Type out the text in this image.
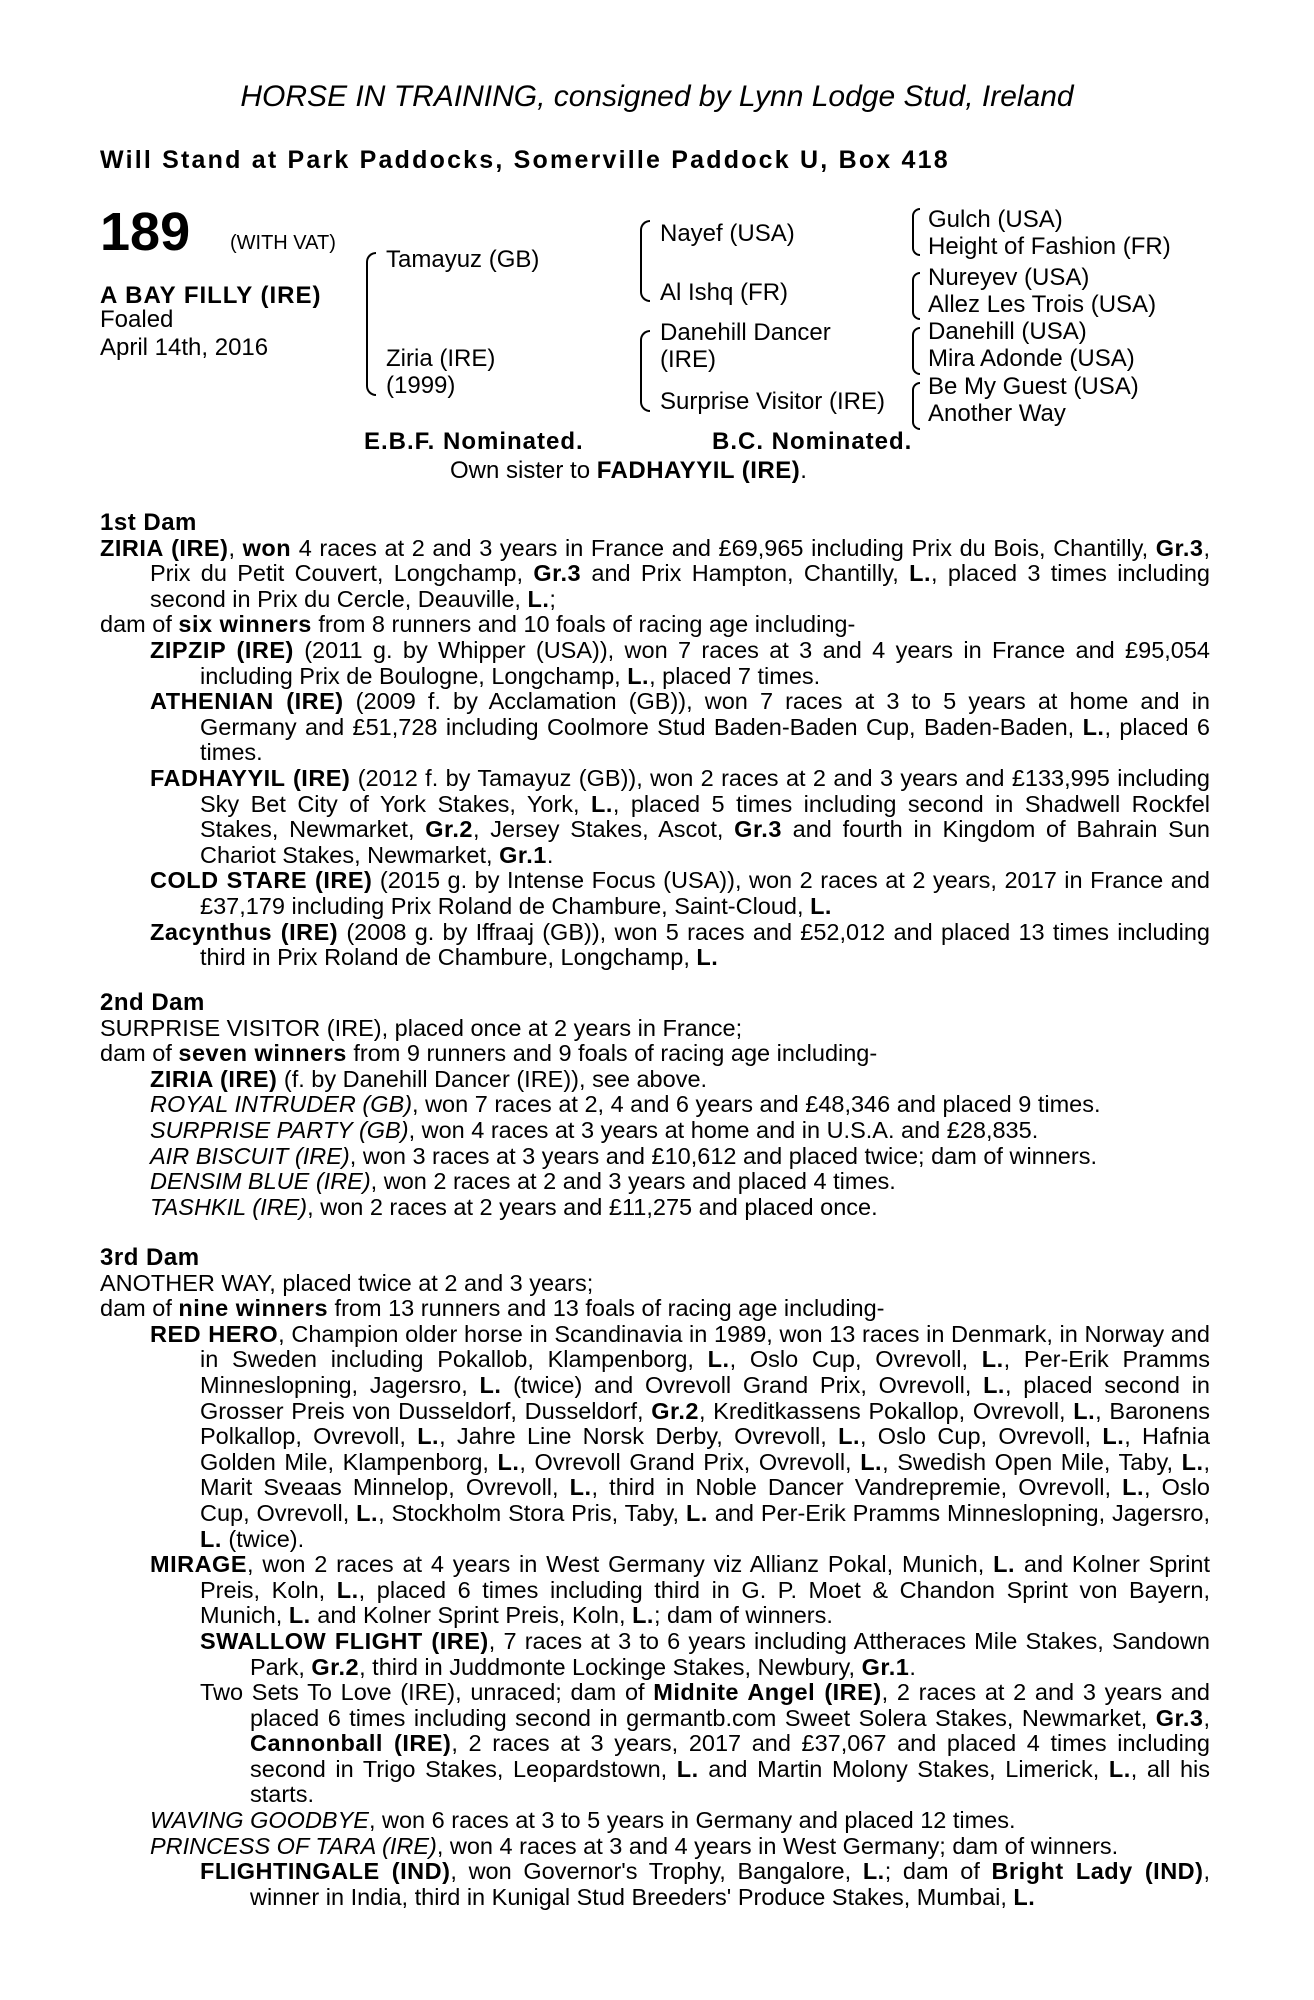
HORSE IN TRAINING, consigned by Lynn Lodge Stud, Ireland
Will Stand at Park Paddocks, Somerville Paddock U, Box 418
189 (WITH VAT)
A BAY FILLY (IRE)
Foaled
April 14th, 2016
Tamayuz (GB)
Ziria (IRE)
(1999)
Nayef (USA)
Al Ishq (FR)
Danehill Dancer
(IRE)
Surprise Visitor (IRE)
Gulch (USA)
Height of Fashion (FR)
Nureyev (USA)
Allez Les Trois (USA)
Danehill (USA)
Mira Adonde (USA)
Be My Guest (USA)
Another Way
E.B.F. Nominated.	B.C. Nominated.
Own sister to FADHAYYIL (IRE).
1st Dam

ZIRIA (IRE), won 4 races at 2 and 3 years in France and £69,965 including Prix du Bois, Chantilly, Gr.3, Prix du Petit Couvert, Longchamp, Gr.3 and Prix Hampton, Chantilly, L., placed 3 times including second in Prix du Cercle, Deauville, L.;

dam of six winners from 8 runners and 10 foals of racing age including-

ZIPZIP (IRE) (2011 g. by Whipper (USA)), won 7 races at 3 and 4 years in France and £95,054 including Prix de Boulogne, Longchamp, L., placed 7 times.

ATHENIAN (IRE) (2009 f. by Acclamation (GB)), won 7 races at 3 to 5 years at home and in Germany and £51,728 including Coolmore Stud Baden-Baden Cup, Baden-Baden, L., placed 6 times.

FADHAYYIL (IRE) (2012 f. by Tamayuz (GB)), won 2 races at 2 and 3 years and £133,995 including Sky Bet City of York Stakes, York, L., placed 5 times including second in Shadwell Rockfel Stakes, Newmarket, Gr.2, Jersey Stakes, Ascot, Gr.3 and fourth in Kingdom of Bahrain Sun Chariot Stakes, Newmarket, Gr.1.

COLD STARE (IRE) (2015 g. by Intense Focus (USA)), won 2 races at 2 years, 2017 in France and £37,179 including Prix Roland de Chambure, Saint-Cloud, L.

Zacynthus (IRE) (2008 g. by Iffraaj (GB)), won 5 races and £52,012 and placed 13 times including third in Prix Roland de Chambure, Longchamp, L.

2nd Dam

SURPRISE VISITOR (IRE), placed once at 2 years in France;

dam of seven winners from 9 runners and 9 foals of racing age including-

ZIRIA (IRE) (f. by Danehill Dancer (IRE)), see above.

ROYAL INTRUDER (GB), won 7 races at 2, 4 and 6 years and £48,346 and placed 9 times.

SURPRISE PARTY (GB), won 4 races at 3 years at home and in U.S.A. and £28,835.

AIR BISCUIT (IRE), won 3 races at 3 years and £10,612 and placed twice; dam of winners.

DENSIM BLUE (IRE), won 2 races at 2 and 3 years and placed 4 times.

TASHKIL (IRE), won 2 races at 2 years and £11,275 and placed once.

3rd Dam

ANOTHER WAY, placed twice at 2 and 3 years;

dam of nine winners from 13 runners and 13 foals of racing age including-

RED HERO, Champion older horse in Scandinavia in 1989, won 13 races in Denmark, in Norway and in Sweden including Pokallob, Klampenborg, L., Oslo Cup, Ovrevoll, L., Per-Erik Pramms Minneslopning, Jagersro, L. (twice) and Ovrevoll Grand Prix, Ovrevoll, L., placed second in Grosser Preis von Dusseldorf, Dusseldorf, Gr.2, Kreditkassens Pokallop, Ovrevoll, L., Baronens Polkallop, Ovrevoll, L., Jahre Line Norsk Derby, Ovrevoll, L., Oslo Cup, Ovrevoll, L., Hafnia Golden Mile, Klampenborg, L., Ovrevoll Grand Prix, Ovrevoll, L., Swedish Open Mile, Taby, L., Marit Sveaas Minnelop, Ovrevoll, L., third in Noble Dancer Vandrepremie, Ovrevoll, L., Oslo Cup, Ovrevoll, L., Stockholm Stora Pris, Taby, L. and Per-Erik Pramms Minneslopning, Jagersro, L. (twice).

MIRAGE, won 2 races at 4 years in West Germany viz Allianz Pokal, Munich, L. and Kolner Sprint Preis, Koln, L., placed 6 times including third in G. P. Moet & Chandon Sprint von Bayern, Munich, L. and Kolner Sprint Preis, Koln, L.; dam of winners.

SWALLOW FLIGHT (IRE), 7 races at 3 to 6 years including Attheraces Mile Stakes, Sandown Park, Gr.2, third in Juddmonte Lockinge Stakes, Newbury, Gr.1.

Two Sets To Love (IRE), unraced; dam of Midnite Angel (IRE), 2 races at 2 and 3 years and placed 6 times including second in germantb.com Sweet Solera Stakes, Newmarket, Gr.3, Cannonball (IRE), 2 races at 3 years, 2017 and £37,067 and placed 4 times including second in Trigo Stakes, Leopardstown, L. and Martin Molony Stakes, Limerick, L., all his starts.

WAVING GOODBYE, won 6 races at 3 to 5 years in Germany and placed 12 times.

PRINCESS OF TARA (IRE), won 4 races at 3 and 4 years in West Germany; dam of winners.

FLIGHTINGALE (IND), won Governor's Trophy, Bangalore, L.; dam of Bright Lady (IND), winner in India, third in Kunigal Stud Breeders' Produce Stakes, Mumbai, L.
